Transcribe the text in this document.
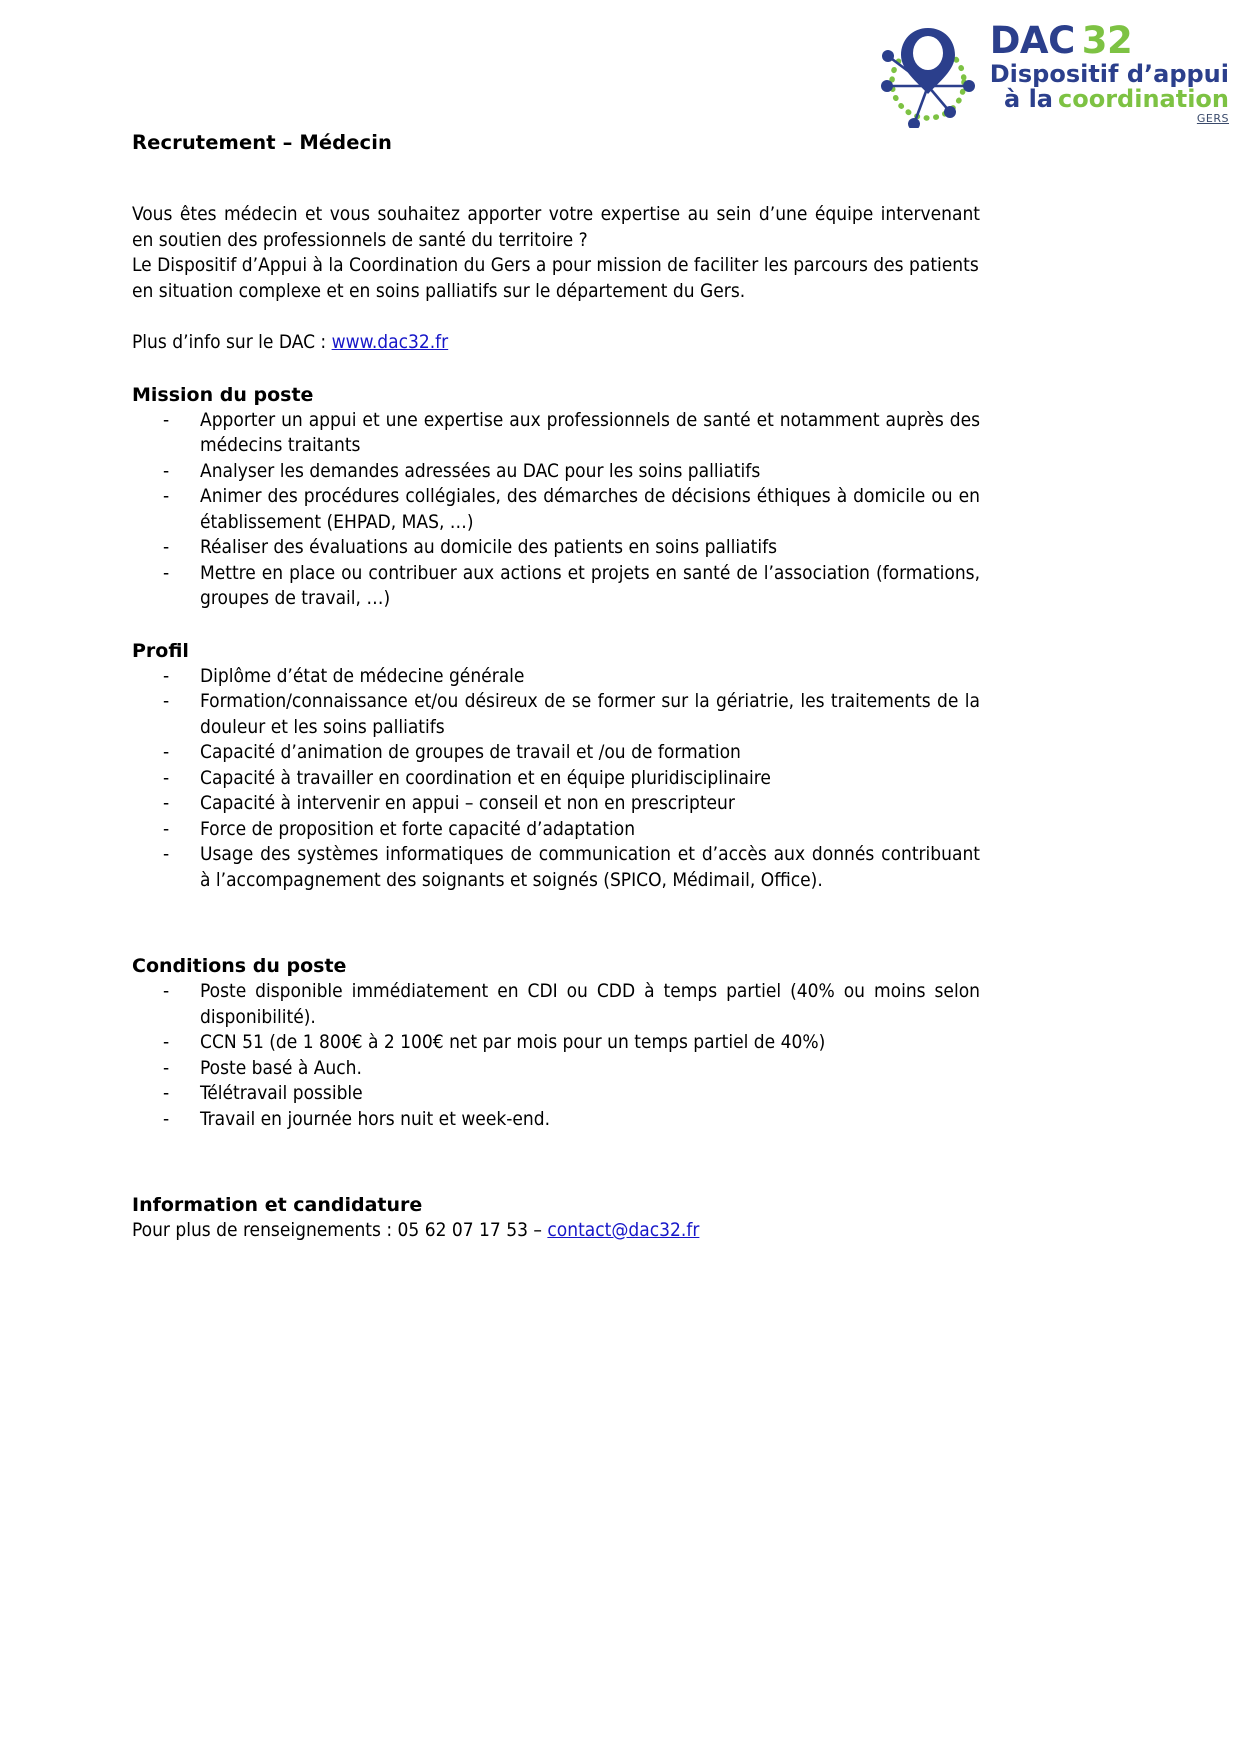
DAC 32
Dispositif d’appui
à la coordination
GERS
Recrutement – Médecin

Vous êtes médecin et vous souhaitez apporter votre expertise au sein d’une équipe intervenant en soutien des professionnels de santé du territoire ?

Le Dispositif d’Appui à la Coordination du Gers a pour mission de faciliter les parcours des patients en situation complexe et en soins palliatifs sur le département du Gers.

Plus d’info sur le DAC : www.dac32.fr

Mission du poste
- Apporter un appui et une expertise aux professionnels de santé et notamment auprès des médecins traitants
- Analyser les demandes adressées au DAC pour les soins palliatifs
- Animer des procédures collégiales, des démarches de décisions éthiques à domicile ou en établissement (EHPAD, MAS, …)
- Réaliser des évaluations au domicile des patients en soins palliatifs
- Mettre en place ou contribuer aux actions et projets en santé de l’association (formations, groupes de travail, …)
Profil
- Diplôme d’état de médecine générale
- Formation/connaissance et/ou désireux de se former sur la gériatrie, les traitements de la douleur et les soins palliatifs
- Capacité d’animation de groupes de travail et /ou de formation
- Capacité à travailler en coordination et en équipe pluridisciplinaire
- Capacité à intervenir en appui – conseil et non en prescripteur
- Force de proposition et forte capacité d’adaptation
- Usage des systèmes informatiques de communication et d’accès aux donnés contribuant à l’accompagnement des soignants et soignés (SPICO, Médimail, Office).
Conditions du poste
- Poste disponible immédiatement en CDI ou CDD à temps partiel (40% ou moins selon disponibilité).
- CCN 51 (de 1 800€ à 2 100€ net par mois pour un temps partiel de 40%)
- Poste basé à Auch.
- Télétravail possible
- Travail en journée hors nuit et week-end.
Information et candidature

Pour plus de renseignements : 05 62 07 17 53 – contact@dac32.fr
